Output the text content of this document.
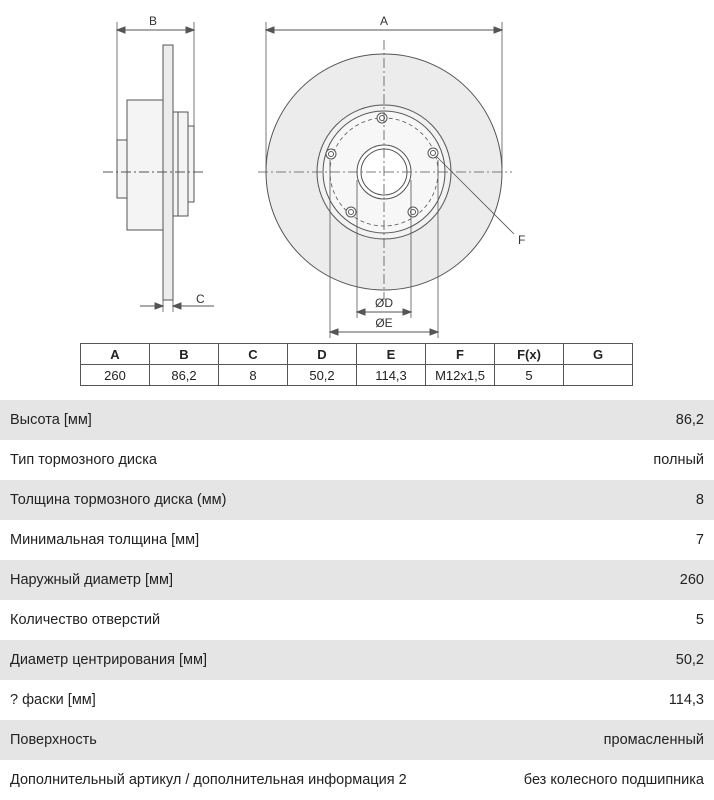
B
C
A
ØD
ØE
F
A	B	C	D	E	F	F(x)	G
260	86,2	8	50,2	114,3	M12x1,5	5	
Высота [мм]	86,2
Тип тормозного диска	полный
Толщина тормозного диска (мм)	8
Минимальная толщина [мм]	7
Наружный диаметр [мм]	260
Количество отверстий	5
Диаметр центрирования [мм]	50,2
? фаски [мм]	114,3
Поверхность	промасленный
Дополнительный артикул / дополнительная информация 2	без колесного подшипника
